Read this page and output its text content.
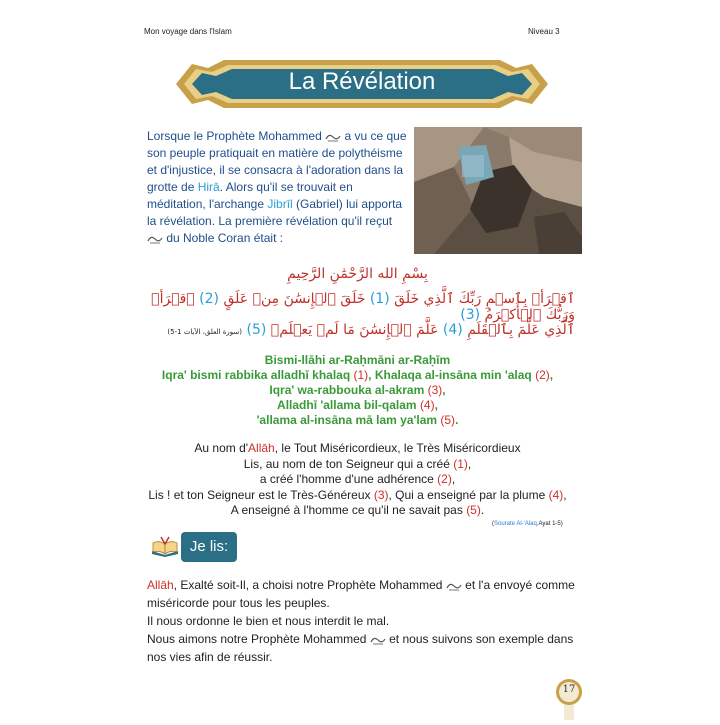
Mon voyage dans l'Islam	Niveau 3
La Révélation
Lorsque le Prophète Mohammed
a vu ce que son peuple pratiquait en matière de polythéisme et d'injustice, il se consacra à l'adoration dans la grotte de Hirā. Alors qu'il se trouvait en méditation, l'archange Jibrīl (Gabriel) lui apporta la révélation. La première révélation qu'il reçut
du Noble Coran était :
بِسْمِ الله الرَّحْمَٰنِ الرَّحِيمِ
ٱقۡرَأۡ بِٱسۡمِ رَبِّكَ ٱلَّذِي خَلَقَ (1) خَلَقَ ٱلۡإِنسَٰنَ مِنۡ عَلَقٍ (2) ٱقۡرَأۡ وَرَبُّكَ ٱلۡأَكۡرَمُ (3)
ٱلَّذِي عَلَّمَ بِٱلۡقَلَمِ (4) عَلَّمَ ٱلۡإِنسَٰنَ مَا لَمۡ يَعۡلَمۡ (5) (سورة العلق، الآيات 1-5)
Bismi-llāhi ar-Raḥmāni ar-Raḥīm
Iqra' bismi rabbika alladhī khalaq (1), Khalaqa al-insāna min 'alaq (2),
Iqra' wa-rabbouka al-akram (3),
Alladhī 'allama bil-qalam (4),
'allama al-insāna mā lam ya'lam (5).
Au nom d'Allāh, le Tout Miséricordieux, le Très Miséricordieux
Lis, au nom de ton Seigneur qui a créé (1),
a créé l'homme d'une adhérence (2),
Lis ! et ton Seigneur est le Très-Généreux (3), Qui a enseigné par la plume (4),
A enseigné à l'homme ce qu'il ne savait pas (5).
(Sourate Al-'Alaq,Ayat 1-5)
Je lis:
Allāh, Exalté soit-Il, a choisi notre Prophète Mohammed
et l'a envoyé comme miséricorde pour tous les peuples.
Il nous ordonne le bien et nous interdit le mal.
Nous aimons notre Prophète Mohammed
et nous suivons son exemple dans nos vies afin de réussir.
17
